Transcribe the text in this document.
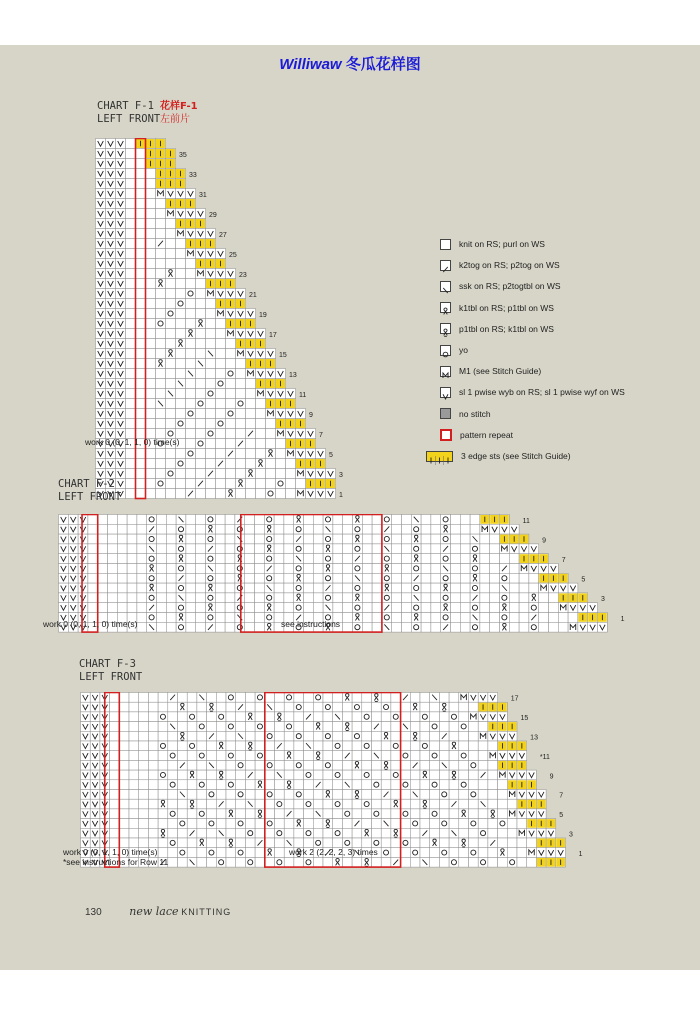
Williwaw 冬瓜花样图
CHART F-1
LEFT FRONT
花样F-1
左前片
35
33
31
29
27
25
23
21
19
17
15
13
11
9
7
5
3
1
work 0 (0, 1, 1, 0) time(s)
knit on RS; purl on WS
k2tog on RS; p2tog on WS
ssk on RS; p2togtbl on WS
k1tbl on RS; p1tbl on WS
p1tbl on RS; k1tbl on WS
yo
M1 (see Stitch Guide)
sl 1 pwise wyb on RS; sl 1 pwise wyf on WS
no stitch
pattern repeat
3 edge sts (see Stitch Guide)
CHART F-2
LEFT FRONT
11
9
7
5
3
1
work 0 (0, 1, 1, 0) time(s)	see instructions
CHART F-3
LEFT FRONT
17
15
13
*11
9
7
5
3
1
work 0 (0, 1, 1, 0) time(s)
*see instructions for Row 11
work 2 (2, 2, 2, 3) times
130	new lace KNITTING
